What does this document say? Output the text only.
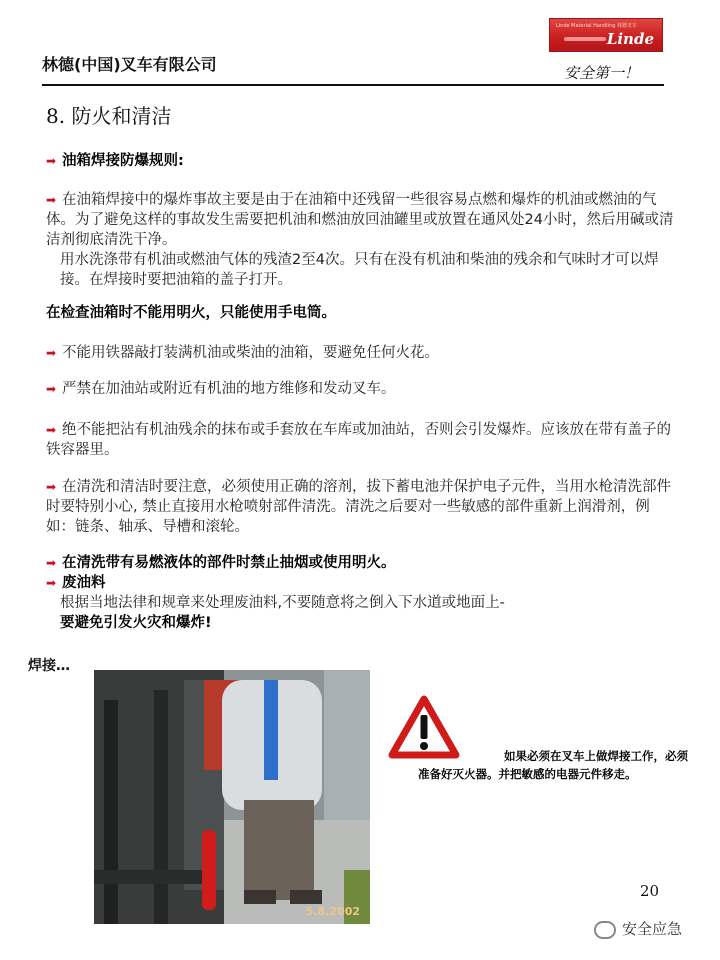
林德(中国)叉车有限公司
Linde Material Handling 林德叉车
Linde
安全第一！
8. 防火和清洁
➡ 油箱焊接防爆规则:
➡ 在油箱焊接中的爆炸事故主要是由于在油箱中还残留一些很容易点燃和爆炸的机油或燃油的气体。为了避免这样的事故发生需要把机油和燃油放回油罐里或放置在通风处24小时，然后用碱或清洁剂彻底清洗干净。
用水洗涤带有机油或燃油气体的残渣2至4次。只有在没有机油和柴油的残余和气味时才可以焊接。在焊接时要把油箱的盖子打开。
在检查油箱时不能用明火，只能使用手电筒。
➡ 不能用铁器敲打装满机油或柴油的油箱，要避免任何火花。
➡ 严禁在加油站或附近有机油的地方维修和发动叉车。
➡ 绝不能把沾有机油残余的抹布或手套放在车库或加油站，否则会引发爆炸。应该放在带有盖子的铁容器里。
➡ 在清洗和清洁时要注意，必须使用正确的溶剂，拔下蓄电池并保护电子元件，当用水枪清洗部件时要特别小心, 禁止直接用水枪喷射部件清洗。清洗之后要对一些敏感的部件重新上润滑剂，例如：链条、轴承、导槽和滚轮。
➡ 在清洗带有易燃液体的部件时禁止抽烟或使用明火。
➡ 废油料
根据当地法律和规章来处理废油料,不要随意将之倒入下水道或地面上-
要避免引发火灾和爆炸!
焊接…
5.8.2002
如果必须在叉车上做焊接工作，必须
准备好灭火器。并把敏感的电器元件移走。
20
安全应急
